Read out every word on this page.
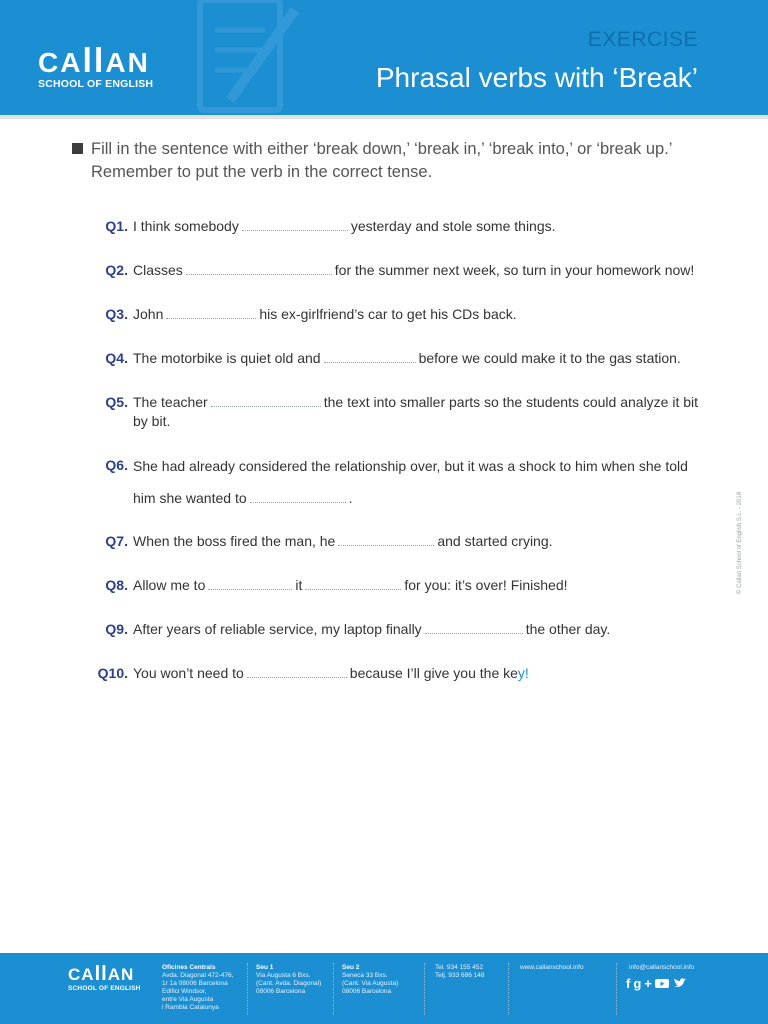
CAllAN
SCHOOL OF ENGLISH
EXERCISE
Phrasal verbs with ‘Break’
Fill in the sentence with either ‘break down,’ ‘break in,’ ‘break into,’ or ‘break up.’
Remember to put the verb in the correct tense.
Q1. I think somebody	yesterday and stole some things.
Q2. Classes	for the summer next week, so turn in your homework now!
Q3. John	his ex-girlfriend’s car to get his CDs back.
Q4. The motorbike is quiet old and	before we could make it to the gas station.
Q5. The teacher	the text into smaller parts so the students could analyze it bit by bit.
Q6. She had already considered the relationship over, but it was a shock to him when she told
him she wanted to	.
Q7. When the boss fired the man, he	and started crying.
Q8. Allow me to	it	for you: it’s over! Finished!
Q9. After years of reliable service, my laptop finally	the other day.
Q10. You won’t need to	because I’ll give you the key!
© Callan School of English S.L. - 2018
CAllAN
SCHOOL OF ENGLISH
Oficines Centrals
Avda. Diagonal 472-476,
1r 1a 08006 Barcelona
Edifici Windsor,
entre Via Augusta
i Rambla Catalunya
Seu 1
Via Augusta 6 Bxs.
(Cant. Avda. Diagonal)
08006 Barcelona
Seu 2
Seneca 33 Bxs.
(Cant. Via Augusta)
08006 Barcelona
Tel. 934 155 452
Telj. 933 686 148
www.callanschool.info	info@callanschool.info
fg+
